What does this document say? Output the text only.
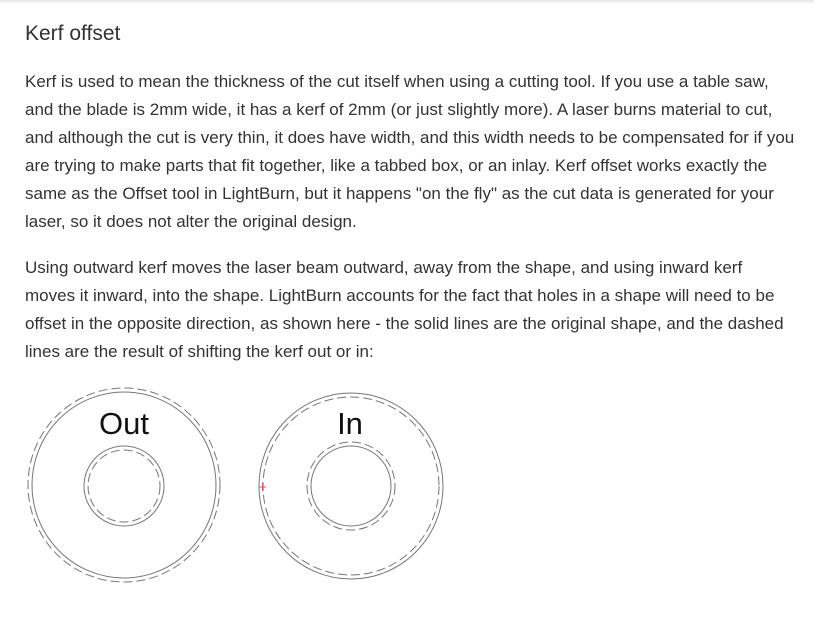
Kerf offset

Kerf is used to mean the thickness of the cut itself when using a cutting tool. If you use a table saw, and the blade is 2mm wide, it has a kerf of 2mm (or just slightly more). A laser burns material to cut, and although the cut is very thin, it does have width, and this width needs to be compensated for if you are trying to make parts that fit together, like a tabbed box, or an inlay. Kerf offset works exactly the same as the Offset tool in LightBurn, but it happens "on the fly" as the cut data is generated for your laser, so it does not alter the original design.

Using outward kerf moves the laser beam outward, away from the shape, and using inward kerf moves it inward, into the shape. LightBurn accounts for the fact that holes in a shape will need to be offset in the opposite direction, as shown here - the solid lines are the original shape, and the dashed lines are the result of shifting the kerf out or in:

Out	In
